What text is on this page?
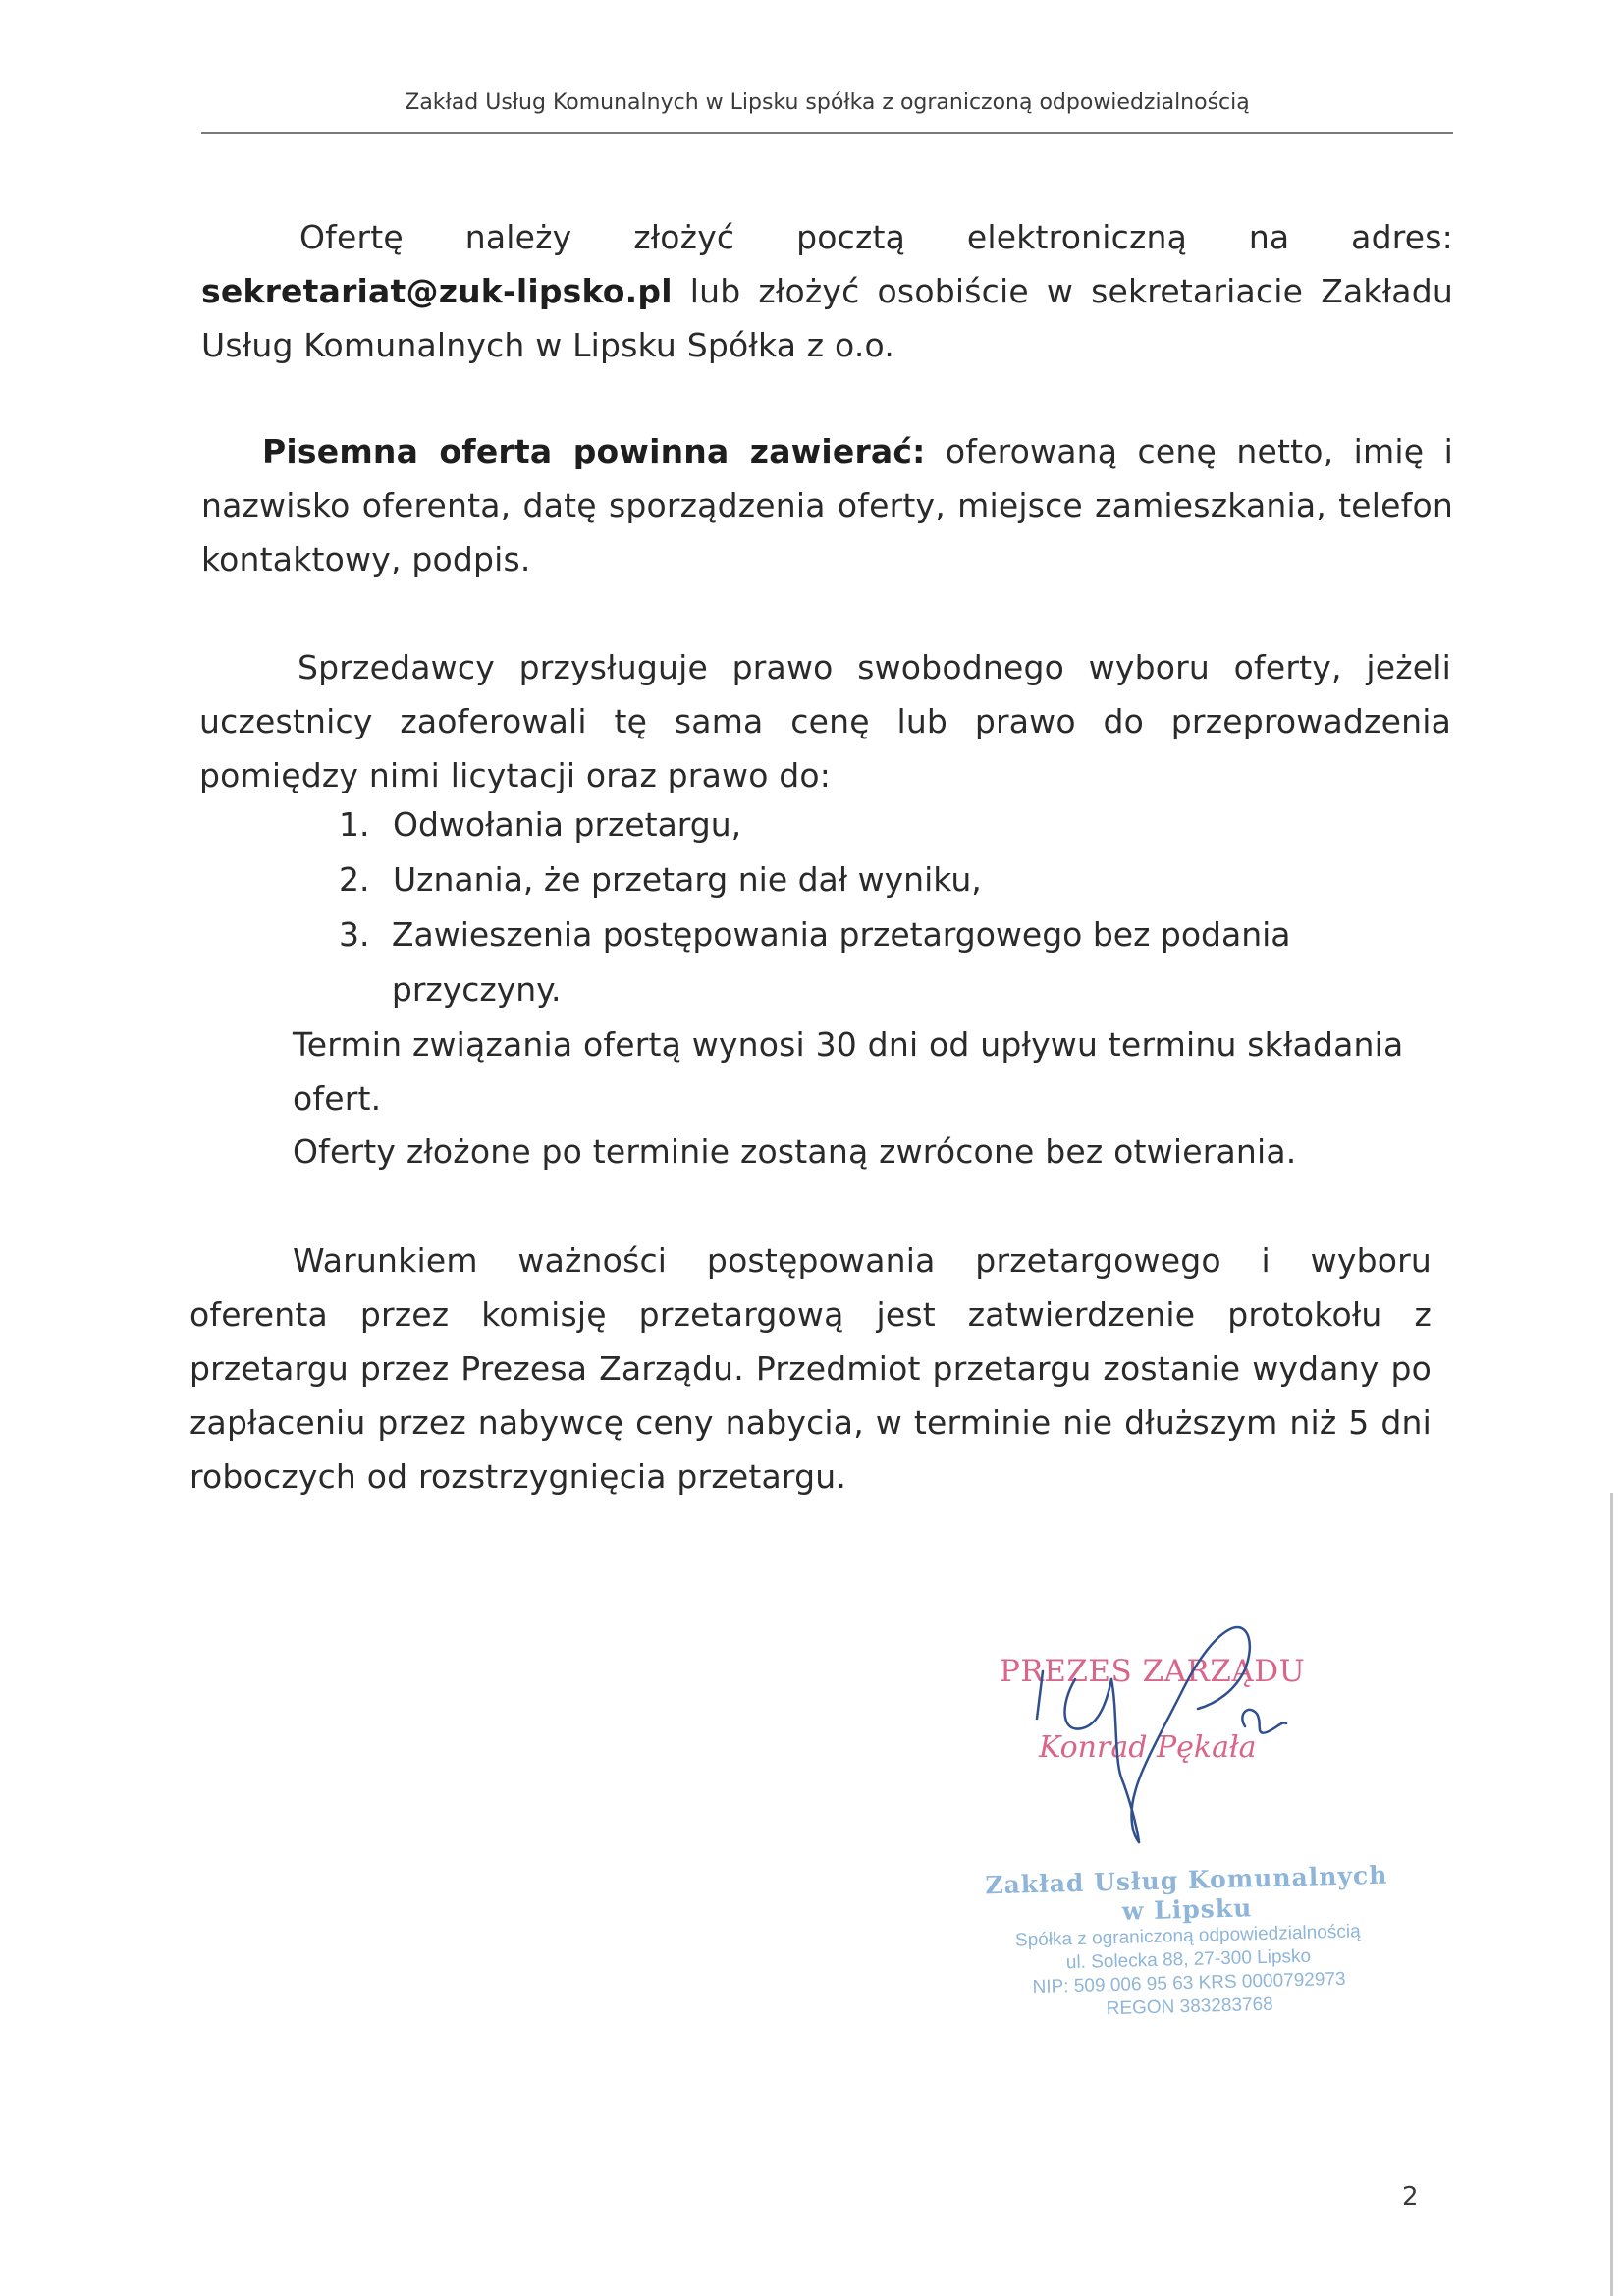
Zakład Usług Komunalnych w Lipsku spółka z ograniczoną odpowiedzialnością

Ofertę należy złożyć pocztą elektroniczną na adres: sekretariat@zuk-lipsko.pl lub złożyć osobiście w sekretariacie Zakładu Usług Komunalnych w Lipsku Spółka z o.o.

Pisemna oferta powinna zawierać: oferowaną cenę netto, imię i nazwisko oferenta, datę sporządzenia oferty, miejsce zamieszkania, telefon kontaktowy, podpis.

Sprzedawcy przysługuje prawo swobodnego wyboru oferty, jeżeli uczestnicy zaoferowali tę sama cenę lub prawo do przeprowadzenia pomiędzy nimi licytacji oraz prawo do:

1. Odwołania przetargu,
2. Uznania, że przetarg nie dał wyniku,
3. Zawieszenia postępowania przetargowego bez podania przyczyny.

Termin związania ofertą wynosi 30 dni od upływu terminu składania ofert.

Oferty złożone po terminie zostaną zwrócone bez otwierania.

Warunkiem ważności postępowania przetargowego i wyboru oferenta przez komisję przetargową jest zatwierdzenie protokołu z przetargu przez Prezesa Zarządu. Przedmiot przetargu zostanie wydany po zapłaceniu przez nabywcę ceny nabycia, w terminie nie dłuższym niż 5 dni roboczych od rozstrzygnięcia przetargu.

PREZES ZARZĄDU
Konrad Pękała
Zakład Usług Komunalnych
w Lipsku
Spółka z ograniczoną odpowiedzialnością
ul. Solecka 88, 27-300 Lipsko
NIP: 509 006 95 63 KRS 0000792973
REGON 383283768
2
